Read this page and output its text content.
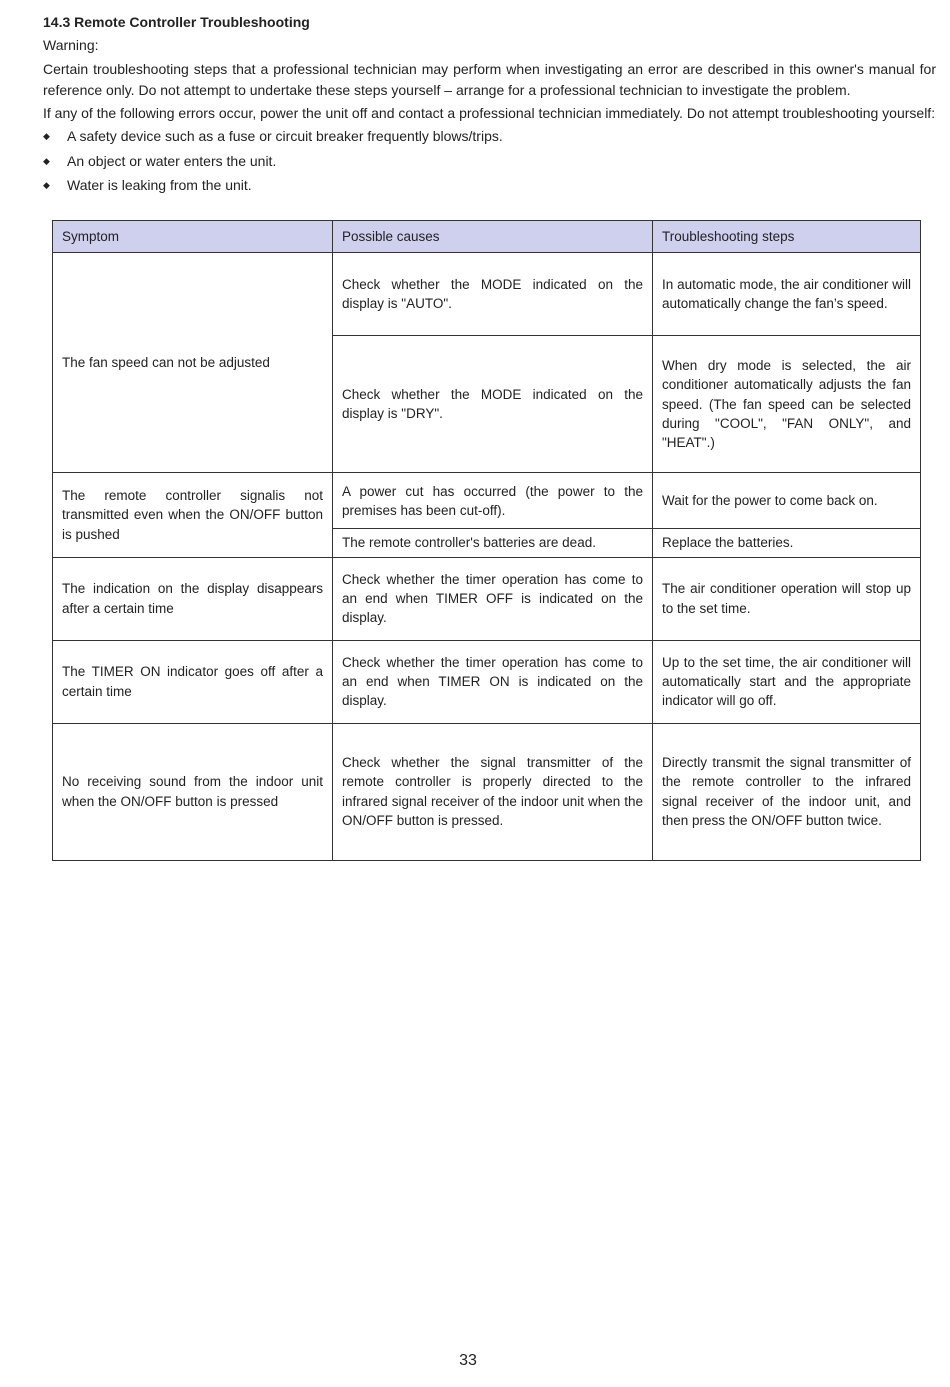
14.3 Remote Controller Troubleshooting

Warning:

Certain troubleshooting steps that a professional technician may perform when investigating an error are described in this owner's manual for reference only. Do not attempt to undertake these steps yourself – arrange for a professional technician to investigate the problem.

If any of the following errors occur, power the unit off and contact a professional technician immediately. Do not attempt troubleshooting yourself:

◆ A safety device such as a fuse or circuit breaker frequently blows/trips.
◆ An object or water enters the unit.
◆ Water is leaking from the unit.
Symptom	Possible causes	Troubleshooting steps
The fan speed can not be adjusted	Check whether the MODE indicated on the display is "AUTO".	In automatic mode, the air conditioner will automatically change the fan’s speed.
	Check whether the MODE indicated on the display is "DRY".	When dry mode is selected, the air conditioner automatically adjusts the fan speed. (The fan speed can be selected during "COOL", "FAN ONLY", and "HEAT".)
The remote controller signalis not transmitted even when the ON/OFF button is pushed	A power cut has occurred (the power to the premises has been cut-off).	Wait for the power to come back on.
	The remote controller's batteries are dead.	Replace the batteries.
The indication on the display disappears after a certain time	Check whether the timer operation has come to an end when TIMER OFF is indicated on the display.	The air conditioner operation will stop up to the set time.
The TIMER ON indicator goes off after a certain time	Check whether the timer operation has come to an end when TIMER ON is indicated on the display.	Up to the set time, the air conditioner will automatically start and the appropriate indicator will go off.
No receiving sound from the indoor unit when the ON/OFF button is pressed	Check whether the signal transmitter of the remote controller is properly directed to the infrared signal receiver of the indoor unit when the ON/OFF button is pressed.	Directly transmit the signal transmitter of the remote controller to the infrared signal receiver of the indoor unit, and then press the ON/OFF button twice.
33
